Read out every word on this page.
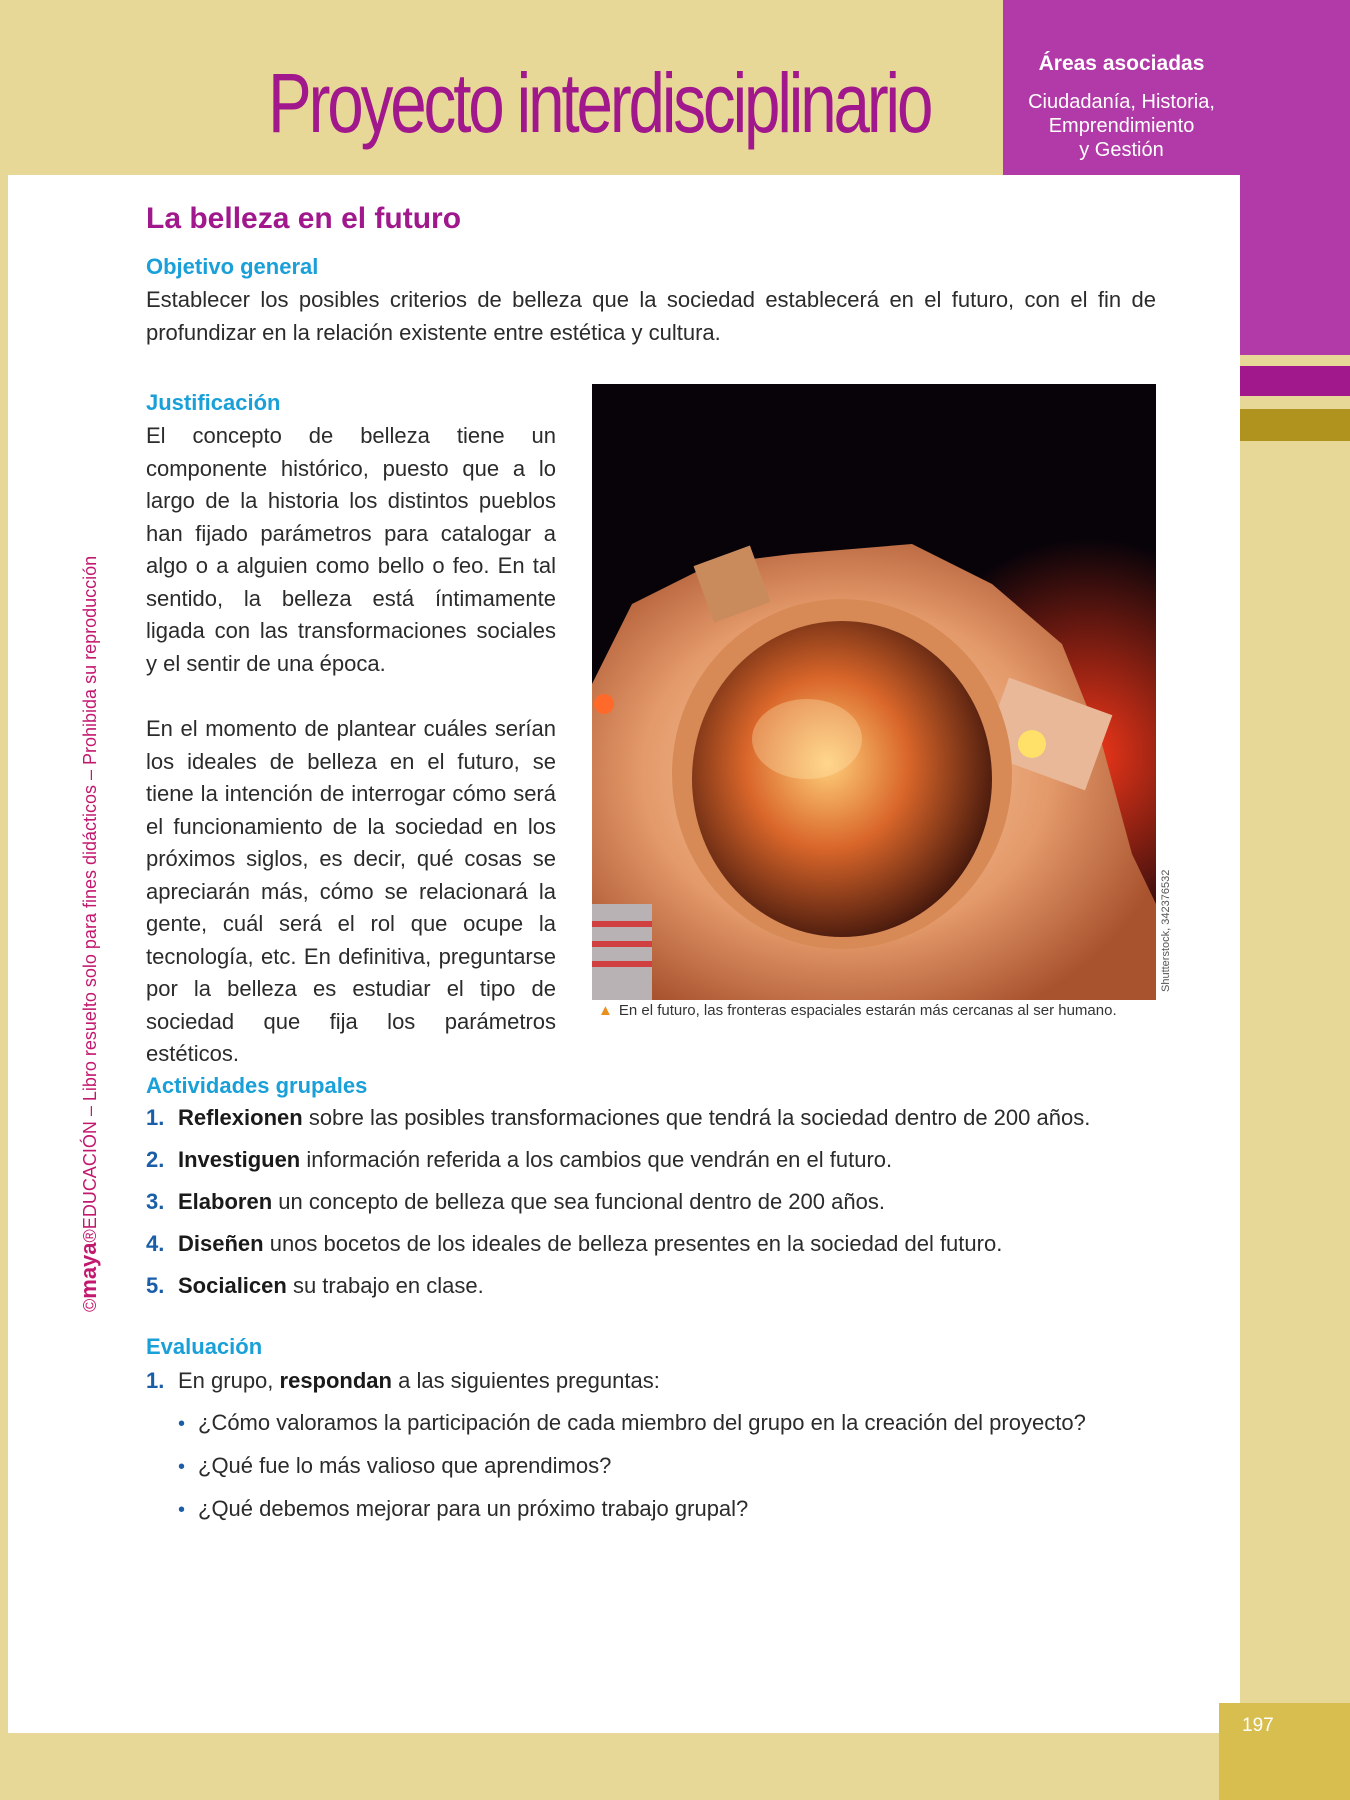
Áreas asociadas
Ciudadanía, Historia,
Emprendimiento
y Gestión
Proyecto interdisciplinario
197
©maya®EDUCACIÓN – Libro resuelto solo para fines didácticos – Prohibida su reproducción
La belleza en el futuro
Objetivo general
Establecer los posibles criterios de belleza que la sociedad establecerá en el futuro, con el fin de profundizar en la relación existente entre estética y cultura.
Justificación
El concepto de belleza tiene un componente histórico, puesto que a lo largo de la historia los distintos pueblos han fijado parámetros para catalogar a algo o a alguien como bello o feo. En tal sentido, la belleza está íntimamente ligada con las transformaciones sociales y el sentir de una época.
En el momento de plantear cuáles serían los ideales de belleza en el futuro, se tiene la intención de interrogar cómo será el funcionamiento de la sociedad en los próximos siglos, es decir, qué cosas se apreciarán más, cómo se relacionará la gente, cuál será el rol que ocupe la tecnología, etc. En definitiva, preguntarse por la belleza es estudiar el tipo de sociedad que fija los parámetros estéticos.
Shutterstock, 342376532
▲ En el futuro, las fronteras espaciales estarán más cercanas al ser humano.
Actividades grupales
1. Reflexionen sobre las posibles transformaciones que tendrá la sociedad dentro de 200 años.
2. Investiguen información referida a los cambios que vendrán en el futuro.
3. Elaboren un concepto de belleza que sea funcional dentro de 200 años.
4. Diseñen unos bocetos de los ideales de belleza presentes en la sociedad del futuro.
5. Socialicen su trabajo en clase.
Evaluación
1. En grupo, respondan a las siguientes preguntas:
• ¿Cómo valoramos la participación de cada miembro del grupo en la creación del proyecto?
• ¿Qué fue lo más valioso que aprendimos?
• ¿Qué debemos mejorar para un próximo trabajo grupal?
